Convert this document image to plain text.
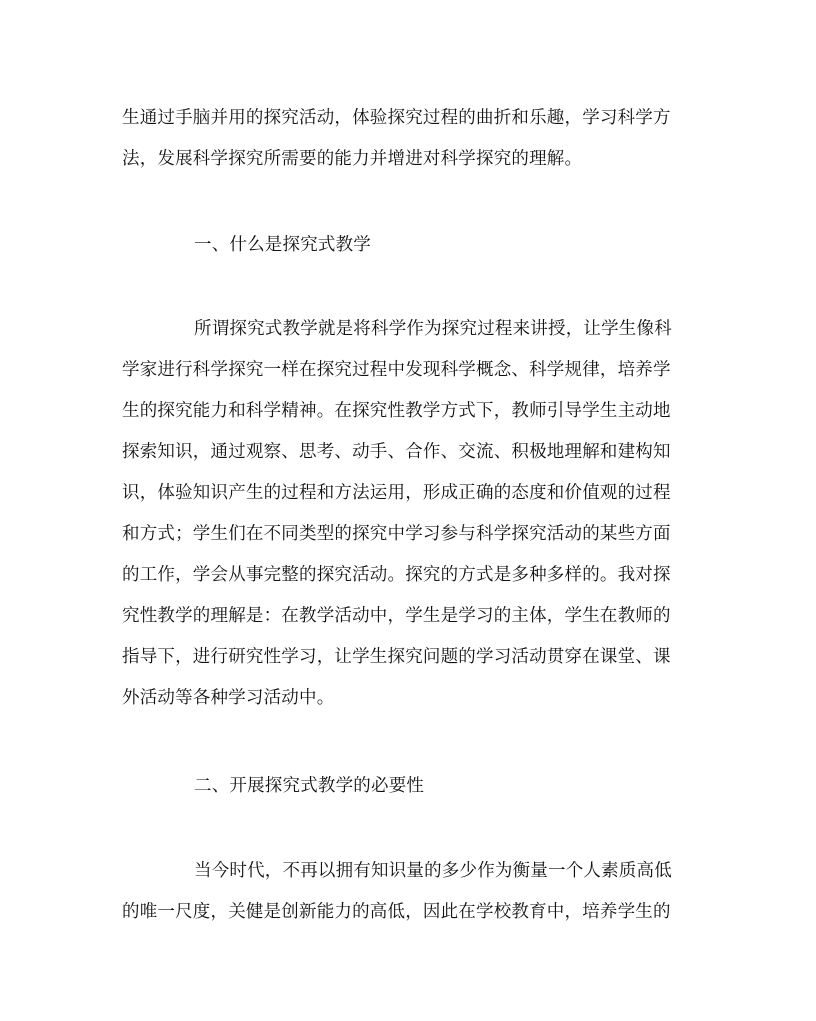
生通过手脑并用的探究活动，体验探究过程的曲折和乐趣，学习科学方
法，发展科学探究所需要的能力并增进对科学探究的理解。
一、什么是探究式教学
所谓探究式教学就是将科学作为探究过程来讲授，让学生像科
学家进行科学探究一样在探究过程中发现科学概念、科学规律，培养学
生的探究能力和科学精神。在探究性教学方式下，教师引导学生主动地
探索知识，通过观察、思考、动手、合作、交流、积极地理解和建构知
识，体验知识产生的过程和方法运用，形成正确的态度和价值观的过程
和方式；学生们在不同类型的探究中学习参与科学探究活动的某些方面
的工作，学会从事完整的探究活动。探究的方式是多种多样的。我对探
究性教学的理解是：在教学活动中，学生是学习的主体，学生在教师的
指导下，进行研究性学习，让学生探究问题的学习活动贯穿在课堂、课
外活动等各种学习活动中。
二、开展探究式教学的必要性
当今时代，不再以拥有知识量的多少作为衡量一个人素质高低
的唯一尺度，关健是创新能力的高低，因此在学校教育中，培养学生的
